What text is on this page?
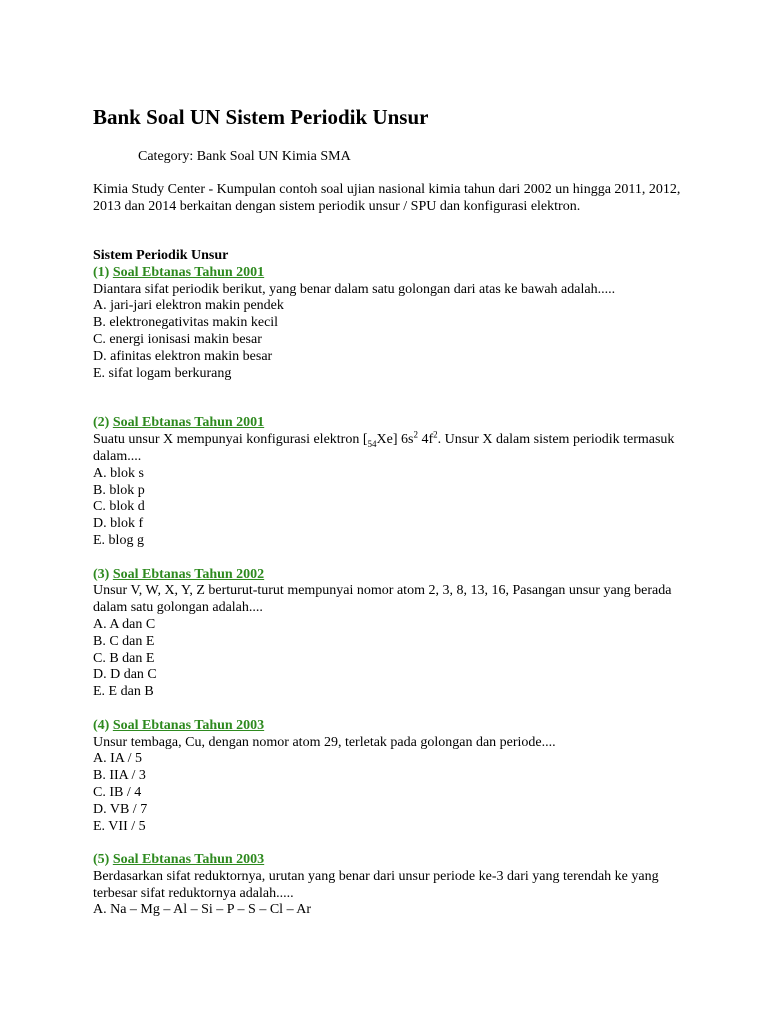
Bank Soal UN Sistem Periodik Unsur
Category: Bank Soal UN Kimia SMA
Kimia Study Center - Kumpulan contoh soal ujian nasional kimia tahun dari 2002 un hingga 2011, 2012, 2013 dan 2014 berkaitan dengan sistem periodik unsur / SPU dan konfigurasi elektron.
Sistem Periodik Unsur
(1) Soal Ebtanas Tahun 2001
Diantara sifat periodik berikut, yang benar dalam satu golongan dari atas ke bawah adalah.....
A. jari-jari elektron makin pendek
B. elektronegativitas makin kecil
C. energi ionisasi makin besar
D. afinitas elektron makin besar
E. sifat logam berkurang
(2) Soal Ebtanas Tahun 2001
Suatu unsur X mempunyai konfigurasi elektron $[_{54}Xe]$ $6s^2$ $4f^2$. Unsur X dalam sistem periodik termasuk dalam....
A. blok s
B. blok p
C. blok d
D. blok f
E. blog g
(3) Soal Ebtanas Tahun 2002
Unsur V, W, X, Y, Z berturut-turut mempunyai nomor atom 2, 3, 8, 13, 16, Pasangan unsur yang berada dalam satu golongan adalah....
A. A dan C
B. C dan E
C. B dan E
D. D dan C
E. E dan B
(4) Soal Ebtanas Tahun 2003
Unsur tembaga, Cu, dengan nomor atom 29, terletak pada golongan dan periode....
A. IA / 5
B. IIA / 3
C. IB / 4
D. VB / 7
E. VII / 5
(5) Soal Ebtanas Tahun 2003
Berdasarkan sifat reduktornya, urutan yang benar dari unsur periode ke-3 dari yang terendah ke yang terbesar sifat reduktornya adalah.....
A. Na – Mg – Al – Si – P – S – Cl – Ar
